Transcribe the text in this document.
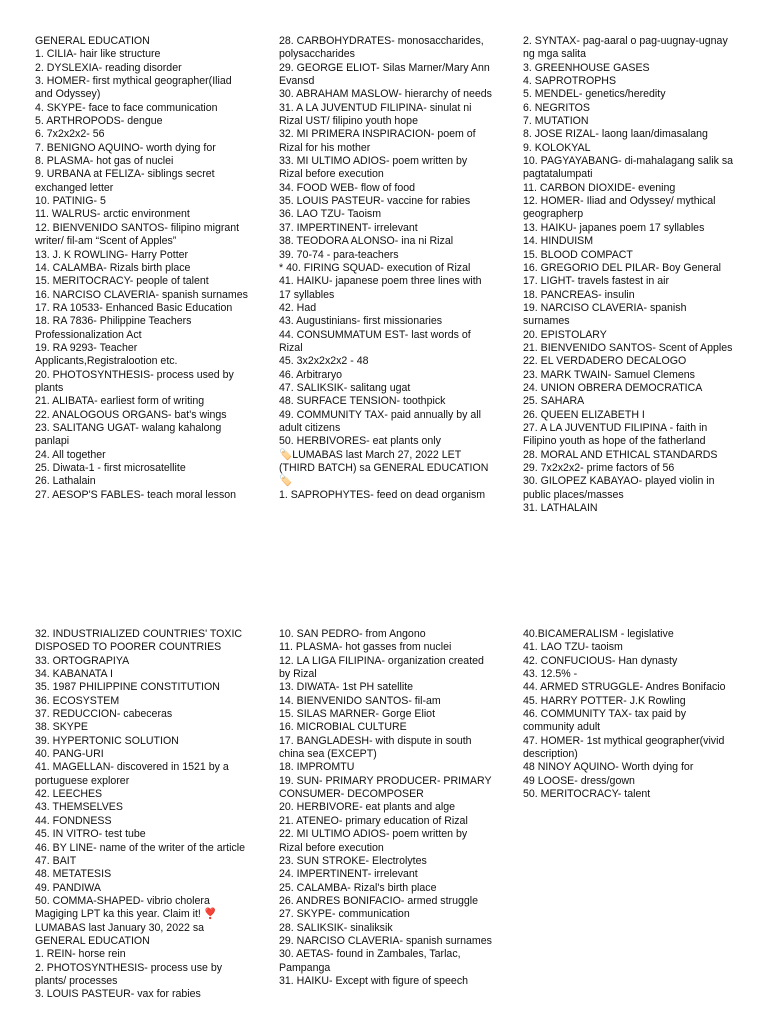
GENERAL EDUCATION
1. CILIA- hair like structure
2. DYSLEXIA- reading disorder
3. HOMER- first mythical geographer(Iliad and Odyssey)
4. SKYPE- face to face communication
5. ARTHROPODS- dengue
6. 7x2x2x2- 56
7. BENIGNO AQUINO- worth dying for
8. PLASMA- hot gas of nuclei
9. URBANA at FELIZA- siblings secret exchanged letter
10. PATINIG- 5
11. WALRUS- arctic environment
12. BIENVENIDO SANTOS- filipino migrant writer/ fil-am “Scent of Apples”
13. J. K ROWLING- Harry Potter
14. CALAMBA- Rizals birth place
15. MERITOCRACY- people of talent
16. NARCISO CLAVERIA- spanish surnames
17. RA 10533- Enhanced Basic Education
18. RA 7836- Philippine Teachers Professionalization Act
19. RA 9293- Teacher Applicants,Registralootion etc.
20. PHOTOSYNTHESIS- process used by plants
21. ALIBATA- earliest form of writing
22. ANALOGOUS ORGANS- bat's wings
23. SALITANG UGAT- walang kahalong panlapi
24. All together
25. Diwata-1 - first microsatellite
26. Lathalain
27. AESOP'S FABLES- teach moral lesson
28. CARBOHYDRATES- monosaccharides, polysaccharides
29. GEORGE ELIOT- Silas Marner/Mary Ann Evansd
30. ABRAHAM MASLOW- hierarchy of needs
31. A LA JUVENTUD FILIPINA- sinulat ni Rizal UST/ filipino youth hope
32. MI PRIMERA INSPIRACION- poem of Rizal for his mother
33. MI ULTIMO ADIOS- poem written by Rizal before execution
34. FOOD WEB- flow of food
35. LOUIS PASTEUR- vaccine for rabies
36. LAO TZU- Taoism
37. IMPERTINENT- irrelevant
38. TEODORA ALONSO- ina ni Rizal
39. 70-74 - para-teachers
* 40. FIRING SQUAD- execution of Rizal
41. HAIKU- japanese poem three lines with 17 syllables
42. Had
43. Augustinians- first missionaries
44. CONSUMMATUM EST- last words of Rizal
45. 3x2x2x2x2 - 48
46. Arbitraryo
47. SALIKSIK- salitang ugat
48. SURFACE TENSION- toothpick
49. COMMUNITY TAX- paid annually by all adult citizens
50. HERBIVORES- eat plants only
🏷️LUMABAS last March 27, 2022 LET (THIRD BATCH) sa GENERAL EDUCATION 🏷️
1. SAPROPHYTES- feed on dead organism
2. SYNTAX- pag-aaral o pag-uugnay-ugnay ng mga salita
3. GREENHOUSE GASES
4. SAPROTROPHS
5. MENDEL- genetics/heredity
6. NEGRITOS
7. MUTATION
8. JOSE RIZAL- laong laan/dimasalang
9. KOLOKYAL
10. PAGYAYABANG- di-mahalagang salik sa pagtatalumpati
11. CARBON DIOXIDE- evening
12. HOMER- Iliad and Odyssey/ mythical geographerp
13. HAIKU- japanes poem 17 syllables
14. HINDUISM
15. BLOOD COMPACT
16. GREGORIO DEL PILAR- Boy General
17. LIGHT- travels fastest in air
18. PANCREAS- insulin
19. NARCISO CLAVERIA- spanish surnames
20. EPISTOLARY
21. BIENVENIDO SANTOS- Scent of Apples
22. EL VERDADERO DECALOGO
23. MARK TWAIN- Samuel Clemens
24. UNION OBRERA DEMOCRATICA
25. SAHARA
26. QUEEN ELIZABETH I
27. A LA JUVENTUD FILIPINA - faith in Filipino youth as hope of the fatherland
28. MORAL AND ETHICAL STANDARDS
29. 7x2x2x2- prime factors of 56
30. GILOPEZ KABAYAO- played violin in public places/masses
31. LATHALAIN
32. INDUSTRIALIZED COUNTRIES' TOXIC DISPOSED TO POORER COUNTRIES
33. ORTOGRAPIYA
34. KABANATA I
35. 1987 PHILIPPINE CONSTITUTION
36. ECOSYSTEM
37. REDUCCION- cabeceras
38. SKYPE
39. HYPERTONIC SOLUTION
40. PANG-URI
41. MAGELLAN- discovered in 1521 by a portuguese explorer
42. LEECHES
43. THEMSELVES
44. FONDNESS
45. IN VITRO- test tube
46. BY LINE- name of the writer of the article
47. BAIT
48. METATESIS
49. PANDIWA
50. COMMA-SHAPED- vibrio cholera
Magiging LPT ka this year. Claim it! ❣️
LUMABAS last January 30, 2022 sa GENERAL EDUCATION
1. REIN- horse rein
2. PHOTOSYNTHESIS- process use by plants/ processes
3. LOUIS PASTEUR- vax for rabies
10. SAN PEDRO- from Angono
11. PLASMA- hot gasses from nuclei
12. LA LIGA FILIPINA- organization created by Rizal
13. DIWATA- 1st PH satellite
14. BIENVENIDO SANTOS- fil-am
15. SILAS MARNER- Gorge Eliot
16. MICROBIAL CULTURE
17. BANGLADESH- with dispute in south china sea (EXCEPT)
18. IMPROMTU
19. SUN- PRIMARY PRODUCER- PRIMARY CONSUMER- DECOMPOSER
20. HERBIVORE- eat plants and alge
21. ATENEO- primary education of Rizal
22. MI ULTIMO ADIOS- poem written by Rizal before execution
23. SUN STROKE- Electrolytes
24. IMPERTINENT- irrelevant
25. CALAMBA- Rizal's birth place
26. ANDRES BONIFACIO- armed struggle
27. SKYPE- communication
28. SALIKSIK- sinaliksik
29. NARCISO CLAVERIA- spanish surnames
30. AETAS- found in Zambales, Tarlac, Pampanga
31. HAIKU- Except with figure of speech
40.BICAMERALISM - legislative
41. LAO TZU- taoism
42. CONFUCIOUS- Han dynasty
43. 12.5% -
44. ARMED STRUGGLE- Andres Bonifacio
45. HARRY POTTER- J.K Rowling
46. COMMUNITY TAX- tax paid by community adult
47. HOMER- 1st mythical geographer(vivid description)
48 NINOY AQUINO- Worth dying for
49 LOOSE- dress/gown
50. MERITOCRACY- talent
